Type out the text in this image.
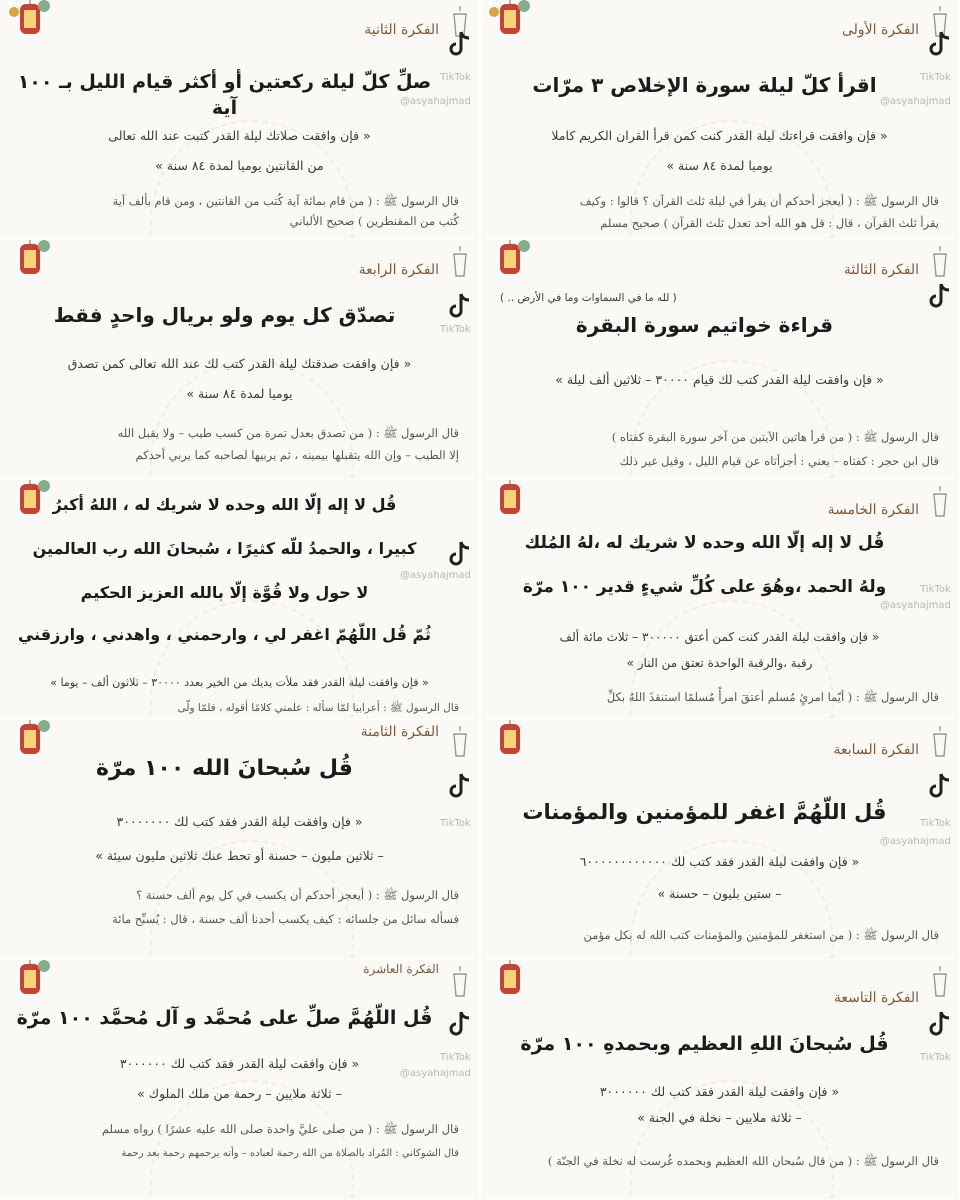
الفكرة الثانية
صلِّ كلّ ليلة ركعتين أو أكثر قيام الليل بـ ١٠٠ آية
« فإن وافقت صلاتك ليلة القدر كتبت عند الله تعالى
من القانتين يوميا لمدة ٨٤ سنة »
قال الرسول ﷺ : ( من قام بمائة آية كُتب من القانتين ، ومن قام بألف آية
كُتب من المقنطرين ) صحيح الألباني
الفكرة الأولى
اقرأ كلّ ليلة سورة الإخلاص ٣ مرّات
« فإن وافقت قراءتك ليلة القدر كنت كمن قرأ القران الكريم كاملا
يوميا لمدة ٨٤ سنة »
قال الرسول ﷺ : ( أيعجز أحدكم أن يقرأ في ليلة ثلث القرآن ؟ قالوا : وكيف
يقرأ ثلث القرآن ، قال : قل هو الله أحد تعدل ثلث القرآن ) صحيح مسلم
الفكرة الرابعة
تصدّق كل يوم ولو بريال واحدٍ فقط
« فإن وافقت صدقتك ليلة القدر كتب لك عند الله تعالى كمن تصدق
يوميا لمدة ٨٤ سنة »
قال الرسول ﷺ : ( من تصدق بعدل تمرة من كسب طيب – ولا يقبل الله
إلا الطيب – وإن الله يتقبلها بيمينه ، ثم يربيها لصاحبه كما يربي أحدكم
الفكرة الثالثة
( لله ما في السماوات وما في الأرض .. )
قراءة خواتيم سورة البقرة
« فإن وافقت ليلة القدر كتب لك قيام ٣٠٠٠٠ – ثلاثين ألف ليلة »
قال الرسول ﷺ : ( من قرأ هاتين الآيتين من آخر سورة البقرة كفتاه )
قال ابن حجر : كفتاه – يعني : أجزأتاه عن قيام الليل ، وقيل غير ذلك
قُل لا إله إلّا الله وحده لا شريك له ، اللهُ أكبرُ
كبيرا ، والحمدُ للّه كثيرًا ، سُبحانَ الله رب العالمين
لا حول ولا قُوَّة إلّا بالله العزيز الحكيم
ثُمّ قُل اللّهُمّ اغفر لي ، وارحمني ، واهدني ، وارزقني
« فإن وافقت ليلة القدر فقد ملأت يديك من الخير بعدد ٣٠٠٠٠ – ثلاثون ألف – يوما »
قال الرسول ﷺ : أعرابيا لمّا سأله : علمني كلامًا أقوله ، فلمّا ولّى
الفكرة الخامسة
قُل لا إله إلّا الله وحده لا شريك له ،لهُ المُلك
ولهُ الحمد ،وهُوَ على كُلِّ شيءٍ قدير ١٠٠ مرّة
« فإن وافقت ليلة القدر كنت كمن أعتق ٣٠٠٠٠٠ – ثلاث مائة ألف
رقبة ،والرقبة الواحدة تعتق من النار »
قال الرسول ﷺ : ( أيّما امرئٍ مُسلم أعتقَ امرأً مُسلمًا استنقذَ اللهُ بكلِّ
الفكرة الثامنة
قُل سُبحانَ الله ١٠٠ مرّة
« فإن وافقت ليلة القدر فقد كتب لك ٣٠٠٠٠٠٠٠
– ثلاثين مليون – حسنة أو تحط عنك ثلاثين مليون سيئة »
قال الرسول ﷺ : ( أيعجز أحدكم أن يكسب في كل يوم ألف حسنة ؟
فسأله سائل من جلسائه : كيف يكسب أحدنا ألف حسنة ، قال : يُسبِّح مائة
الفكرة السابعة
قُل اللّهُمَّ اغفر للمؤمنين والمؤمنات
« فإن وافقت ليلة القدر فقد كتب لك ٦٠٠٠٠٠٠٠٠٠٠٠٠
– ستين بليون – حسنة »
قال الرسول ﷺ : ( من استغفر للمؤمنين والمؤمنات كتب الله له بكل مؤمن
الفكرة العاشرة
قُل اللّهُمَّ صلِّ على مُحمَّد و آل مُحمَّد ١٠٠ مرّة
« فإن وافقت ليلة القدر فقد كتب لك ٣٠٠٠٠٠٠
– ثلاثة ملايين – رحمة من ملك الملوك »
قال الرسول ﷺ : ( من صلى عليَّ واحدة صلى الله عليه عشرًا ) رواه مسلم
قال الشوكاني : المُراد بالصلاة من الله رحمة لعباده – وأنه يرحمهم رحمة بعد رحمة
الفكرة التاسعة
قُل سُبحانَ اللهِ العظيم وبحمدهِ ١٠٠ مرّة
« فإن وافقت ليلة القدر فقد كتب لك ٣٠٠٠٠٠٠
– ثلاثة ملايين – نخلة في الجنة »
قال الرسول ﷺ : ( من قال سُبحان الله العظيم وبحمده غُرست له نخلة في الجنّة )
TikTok	TikTok
TikTok
TikTok
TikTok	TikTok
TikTok	TikTok
@asyahajmad	@asyahajmad
@asyahajmad
@asyahajmad
@asyahajmad
@asyahajmad
